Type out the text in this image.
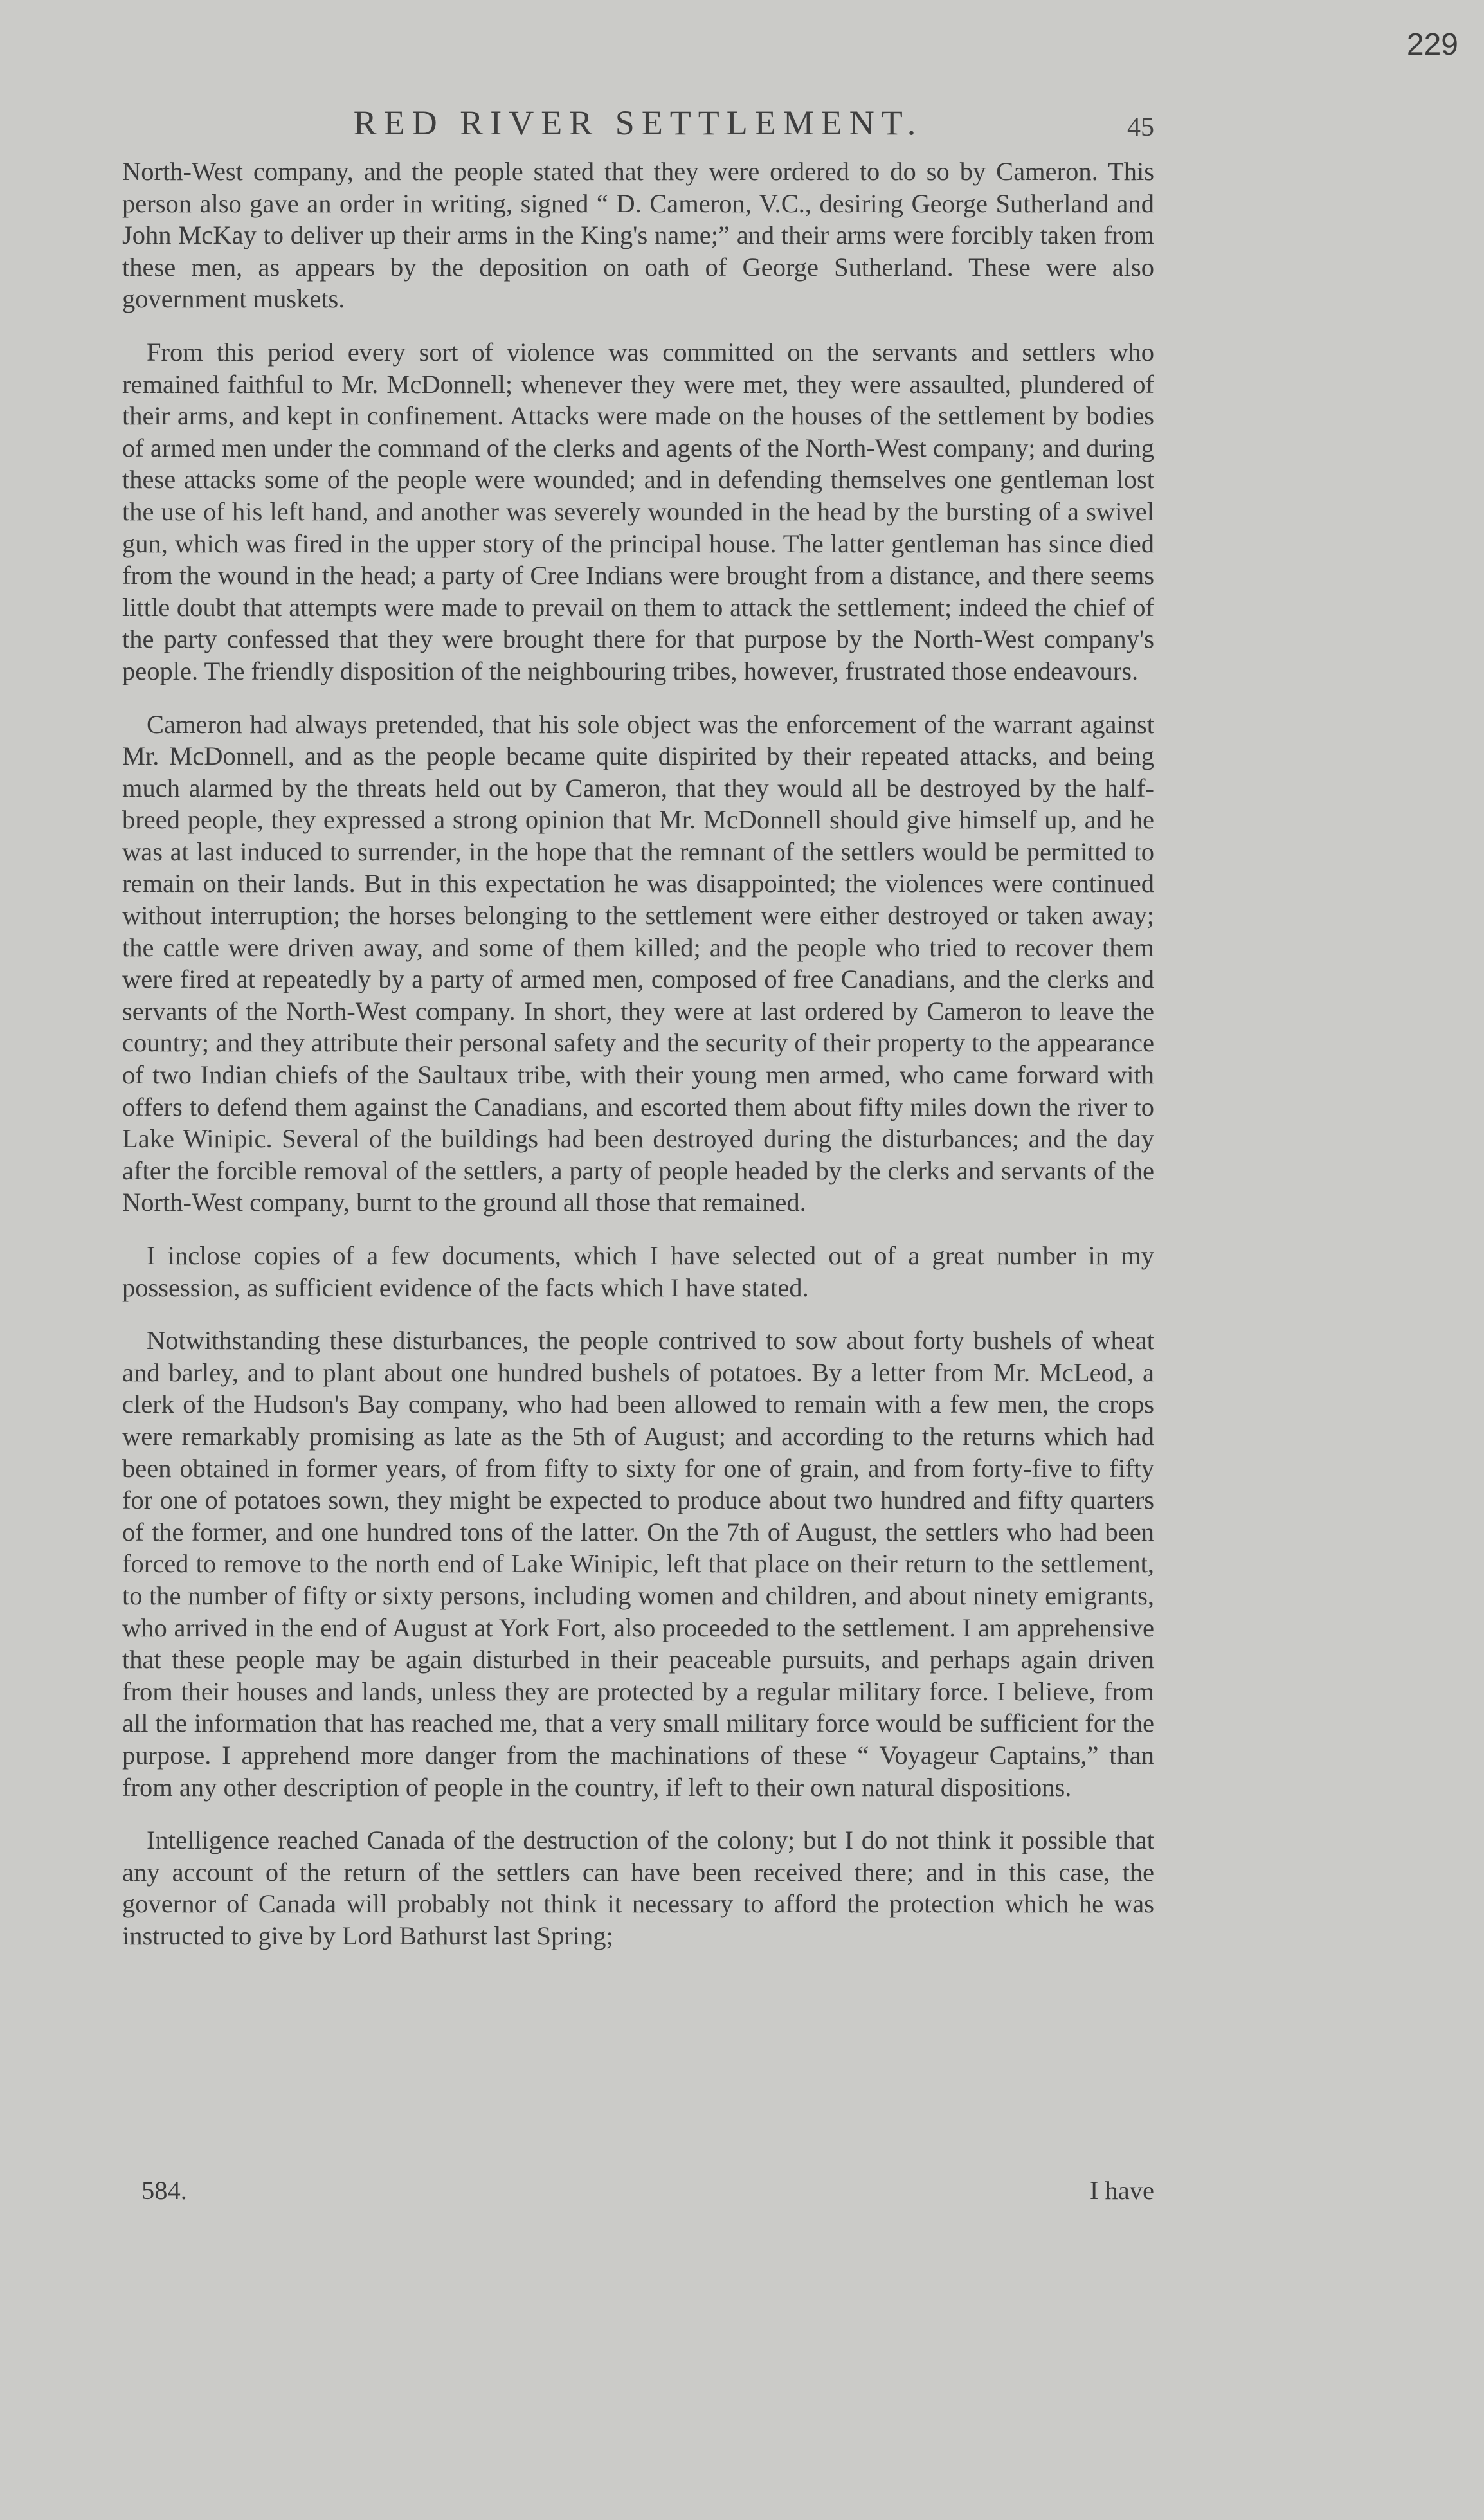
229
RED RIVER SETTLEMENT.	45

North-West company, and the people stated that they were ordered to do so by Cameron. This person also gave an order in writing, signed “ D. Cameron, V.C., desiring George Sutherland and John McKay to deliver up their arms in the King's name;” and their arms were forcibly taken from these men, as appears by the deposition on oath of George Sutherland. These were also government muskets.

From this period every sort of violence was committed on the servants and settlers who remained faithful to Mr. McDonnell; whenever they were met, they were assaulted, plundered of their arms, and kept in confinement. Attacks were made on the houses of the settlement by bodies of armed men under the command of the clerks and agents of the North-West company; and during these attacks some of the people were wounded; and in defending themselves one gentleman lost the use of his left hand, and another was severely wounded in the head by the bursting of a swivel gun, which was fired in the upper story of the principal house. The latter gentleman has since died from the wound in the head; a party of Cree Indians were brought from a distance, and there seems little doubt that attempts were made to prevail on them to attack the settlement; indeed the chief of the party confessed that they were brought there for that purpose by the North-West company's people. The friendly disposition of the neighbouring tribes, however, frustrated those endeavours.

Cameron had always pretended, that his sole object was the enforcement of the warrant against Mr. McDonnell, and as the people became quite dispirited by their repeated attacks, and being much alarmed by the threats held out by Cameron, that they would all be destroyed by the half-breed people, they expressed a strong opinion that Mr. McDonnell should give himself up, and he was at last induced to surrender, in the hope that the remnant of the settlers would be permitted to remain on their lands. But in this expectation he was disappointed; the violences were continued without interruption; the horses belonging to the settlement were either destroyed or taken away; the cattle were driven away, and some of them killed; and the people who tried to recover them were fired at repeatedly by a party of armed men, composed of free Canadians, and the clerks and servants of the North-West company. In short, they were at last ordered by Cameron to leave the country; and they attribute their personal safety and the security of their property to the appearance of two Indian chiefs of the Saultaux tribe, with their young men armed, who came forward with offers to defend them against the Canadians, and escorted them about fifty miles down the river to Lake Winipic. Several of the buildings had been destroyed during the disturbances; and the day after the forcible removal of the settlers, a party of people headed by the clerks and servants of the North-West company, burnt to the ground all those that remained.

I inclose copies of a few documents, which I have selected out of a great number in my possession, as sufficient evidence of the facts which I have stated.

Notwithstanding these disturbances, the people contrived to sow about forty bushels of wheat and barley, and to plant about one hundred bushels of potatoes. By a letter from Mr. McLeod, a clerk of the Hudson's Bay company, who had been allowed to remain with a few men, the crops were remarkably promising as late as the 5th of August; and according to the returns which had been obtained in former years, of from fifty to sixty for one of grain, and from forty-five to fifty for one of potatoes sown, they might be expected to produce about two hundred and fifty quarters of the former, and one hundred tons of the latter. On the 7th of August, the settlers who had been forced to remove to the north end of Lake Winipic, left that place on their return to the settlement, to the number of fifty or sixty persons, including women and children, and about ninety emigrants, who arrived in the end of August at York Fort, also proceeded to the settlement. I am apprehensive that these people may be again disturbed in their peaceable pursuits, and perhaps again driven from their houses and lands, unless they are protected by a regular military force. I believe, from all the information that has reached me, that a very small military force would be sufficient for the purpose. I apprehend more danger from the machinations of these “ Voyageur Captains,” than from any other description of people in the country, if left to their own natural dispositions.

Intelligence reached Canada of the destruction of the colony; but I do not think it possible that any account of the return of the settlers can have been received there; and in this case, the governor of Canada will probably not think it necessary to afford the protection which he was instructed to give by Lord Bathurst last Spring;

584.	I have
